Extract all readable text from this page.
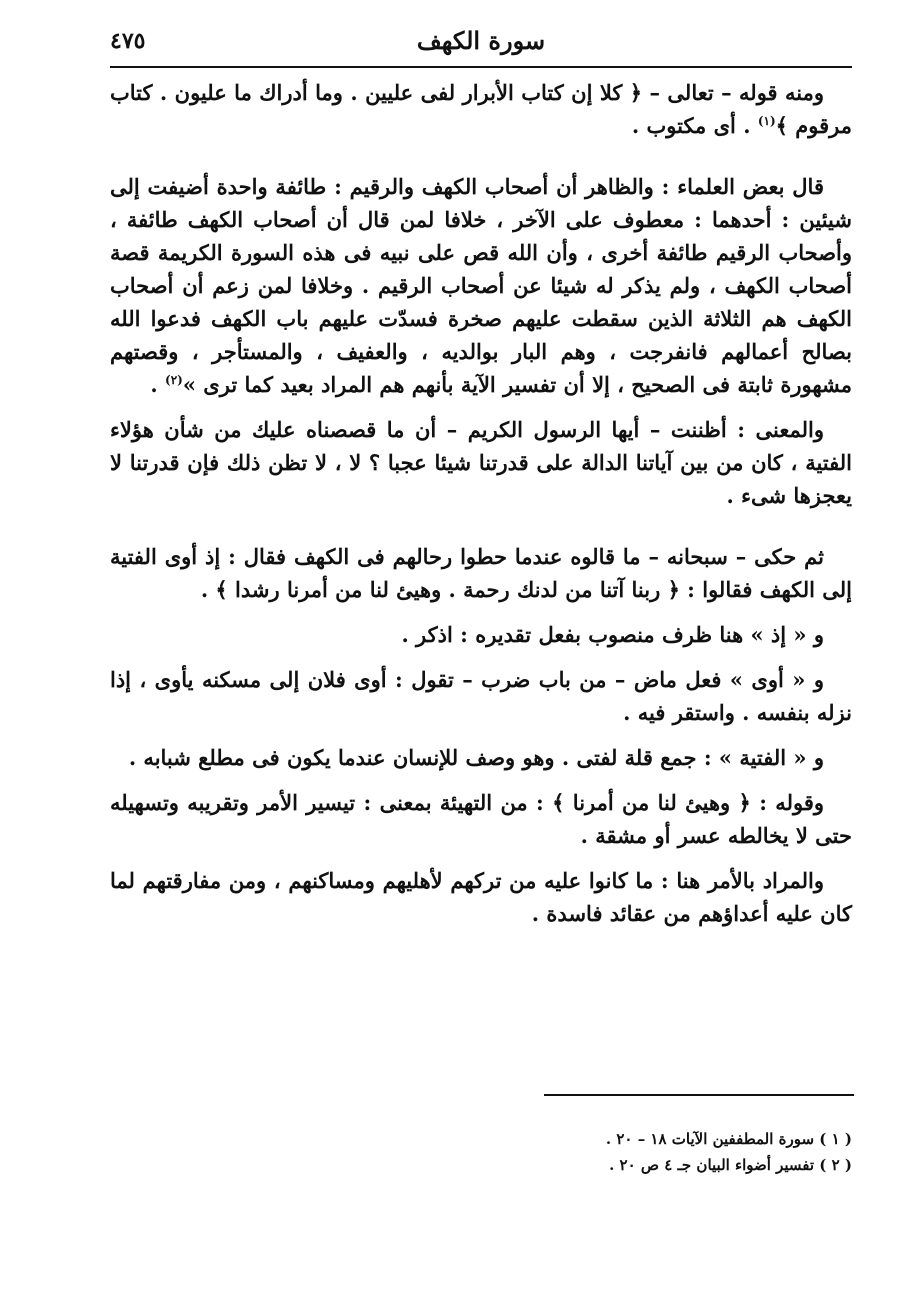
سورة الكهف
٤٧٥

ومنه قوله – تعالى – ﴿ كلا إن كتاب الأبرار لفى عليين . وما أدراك ما عليون . كتاب مرقوم ﴾$^{(١)}$ . أى مكتوب .

قال بعض العلماء : والظاهر أن أصحاب الكهف والرقيم : طائفة واحدة أضيفت إلى شيئين : أحدهما : معطوف على الآخر ، خلافا لمن قال أن أصحاب الكهف طائفة ، وأصحاب الرقيم طائفة أخرى ، وأن الله قص على نبيه فى هذه السورة الكريمة قصة أصحاب الكهف ، ولم يذكر له شيئا عن أصحاب الرقيم . وخلافا لمن زعم أن أصحاب الكهف هم الثلاثة الذين سقطت عليهم صخرة فسدّت عليهم باب الكهف فدعوا الله بصالح أعمالهم فانفرجت ، وهم البار بوالديه ، والعفيف ، والمستأجر ، وقصتهم مشهورة ثابتة فى الصحيح ، إلا أن تفسير الآية بأنهم هم المراد بعيد كما ترى »$^{(٢)}$ .

والمعنى : أظننت – أيها الرسول الكريم – أن ما قصصناه عليك من شأن هؤلاء الفتية ، كان من بين آياتنا الدالة على قدرتنا شيئا عجبا ؟ لا ، لا تظن ذلك فإن قدرتنا لا يعجزها شىء .

ثم حكى – سبحانه – ما قالوه عندما حطوا رحالهم فى الكهف فقال : إذ أوى الفتية إلى الكهف فقالوا : ﴿ ربنا آتنا من لدنك رحمة . وهيئ لنا من أمرنا رشدا ﴾ .

و « إذ » هنا ظرف منصوب بفعل تقديره : اذكر .

و « أوى » فعل ماض – من باب ضرب – تقول : أوى فلان إلى مسكنه يأوى ، إذا نزله بنفسه . واستقر فيه .

و « الفتية » : جمع قلة لفتى . وهو وصف للإنسان عندما يكون فى مطلع شبابه .

وقوله : ﴿ وهيئ لنا من أمرنا ﴾ : من التهيئة بمعنى : تيسير الأمر وتقريبه وتسهيله حتى لا يخالطه عسر أو مشقة .

والمراد بالأمر هنا : ما كانوا عليه من تركهم لأهليهم ومساكنهم ، ومن مفارقتهم لما كان عليه أعداؤهم من عقائد فاسدة .

( ١ ) سورة المطففين الآيات ١٨ – ٢٠ .
( ٢ ) تفسير أضواء البيان جـ ٤ ص ٢٠ .
